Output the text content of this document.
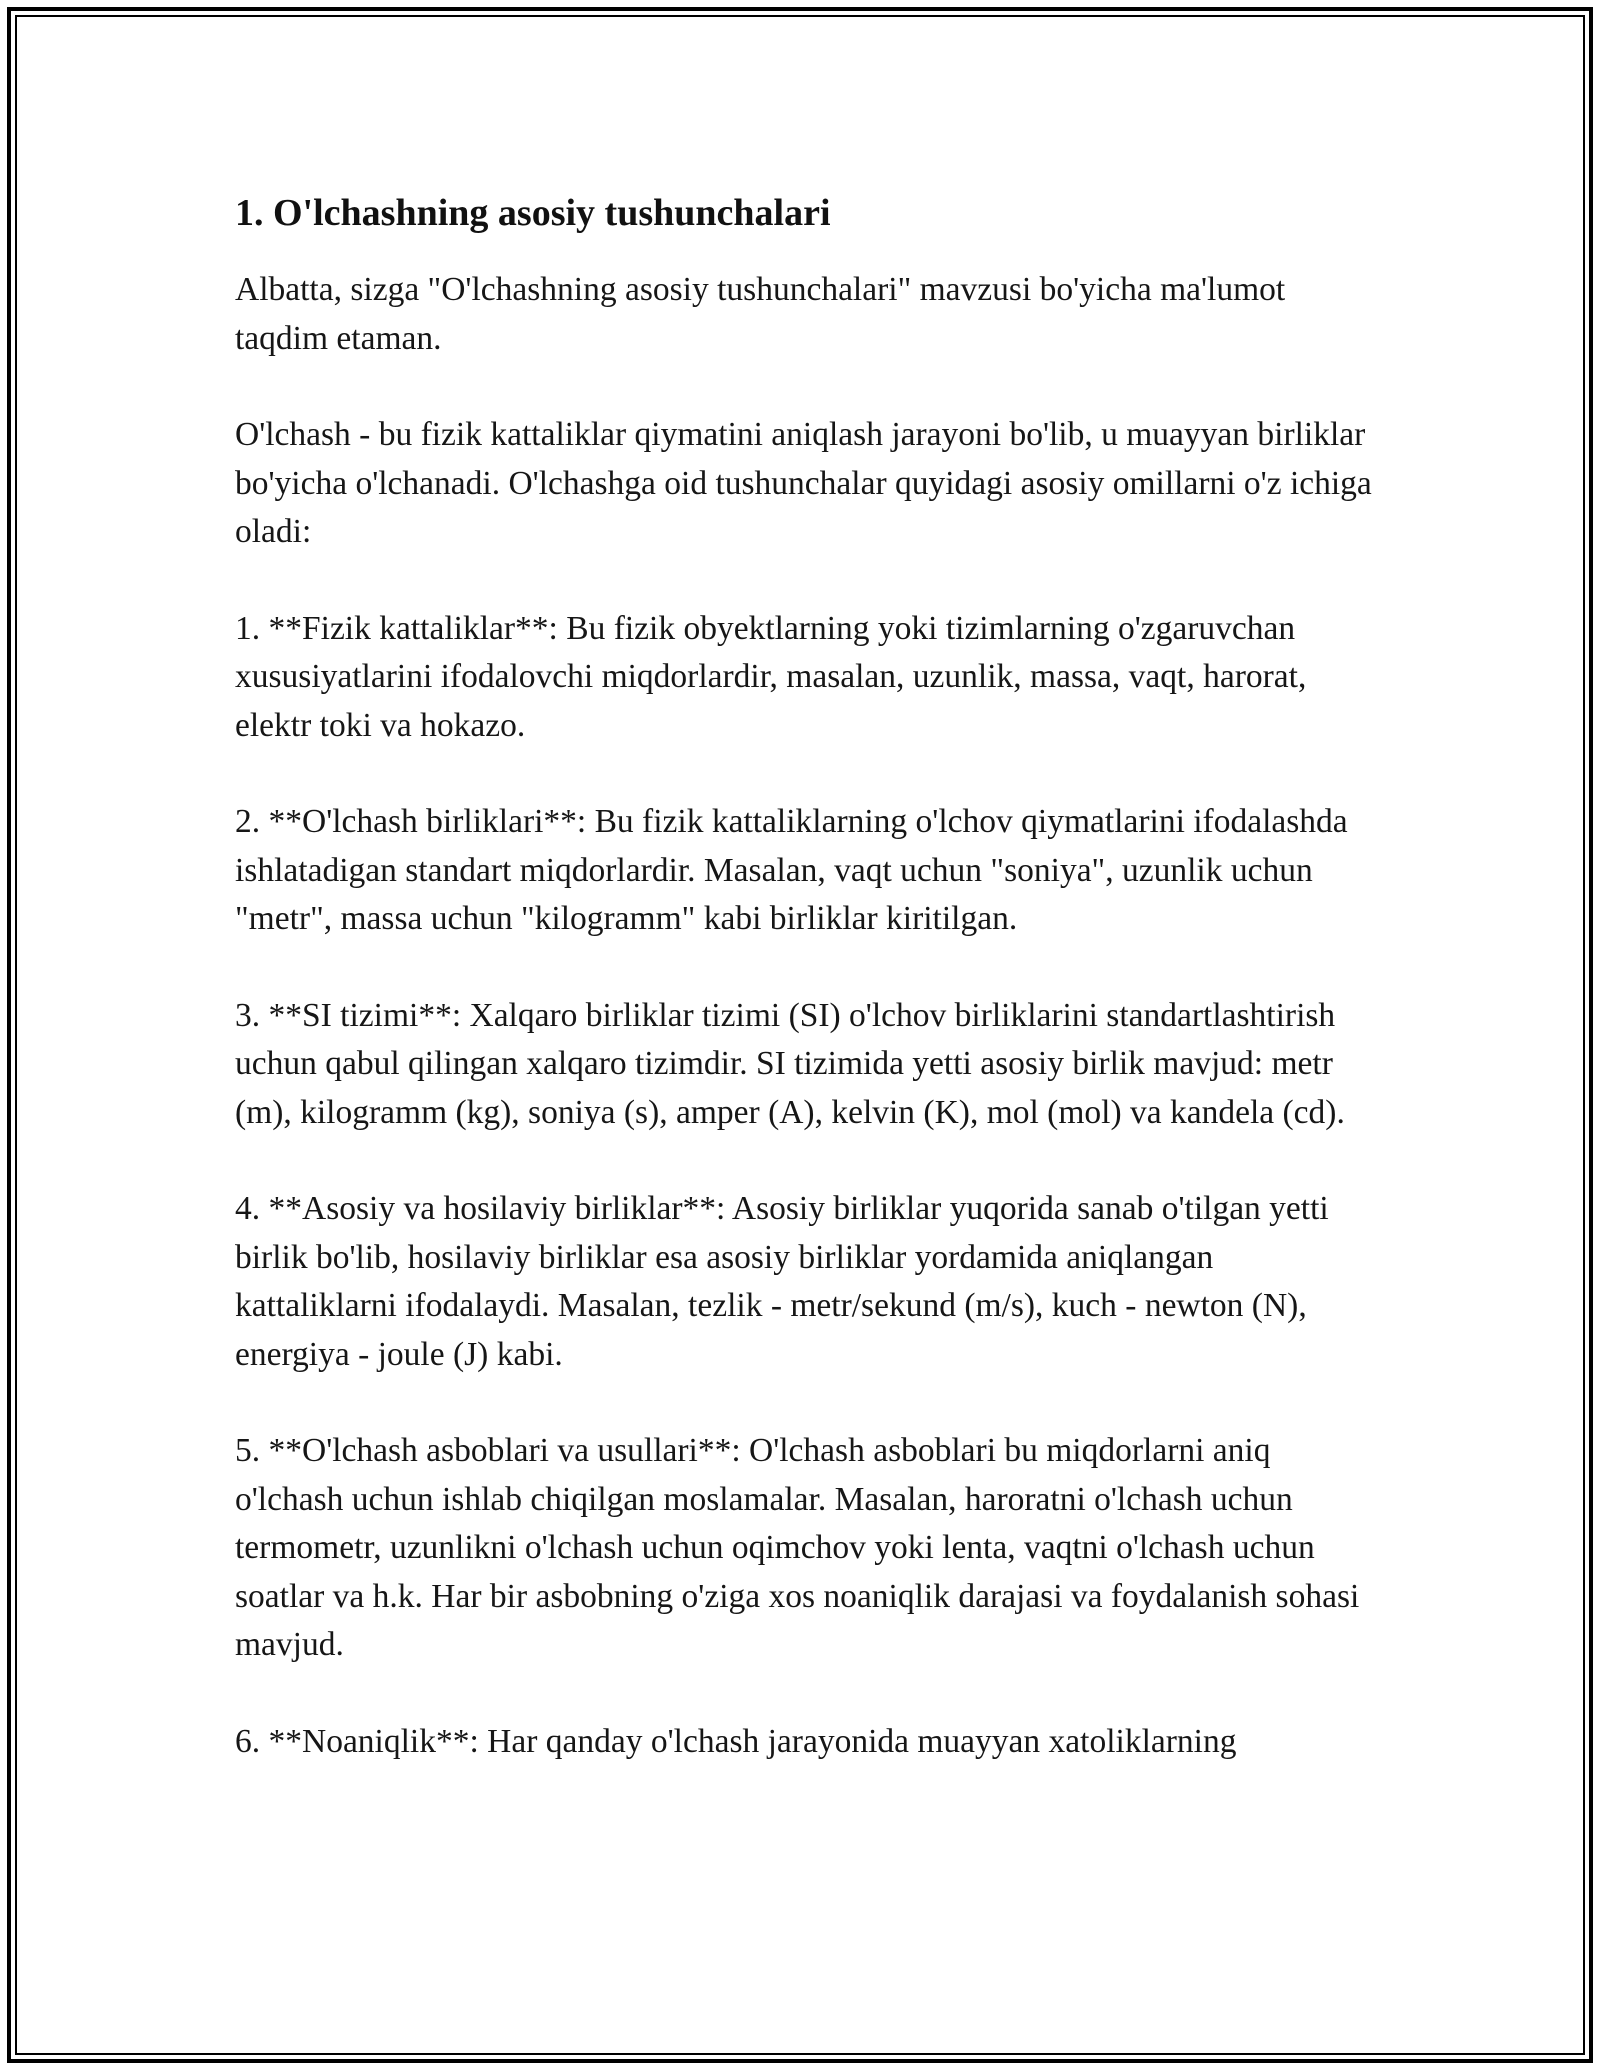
1. O'lchashning asosiy tushunchalari

Albatta, sizga "O'lchashning asosiy tushunchalari" mavzusi bo'yicha ma'lumot taqdim etaman.

O'lchash - bu fizik kattaliklar qiymatini aniqlash jarayoni bo'lib, u muayyan birliklar bo'yicha o'lchanadi. O'lchashga oid tushunchalar quyidagi asosiy omillarni o'z ichiga oladi:

1. **Fizik kattaliklar**: Bu fizik obyektlarning yoki tizimlarning o'zgaruvchan xususiyatlarini ifodalovchi miqdorlardir, masalan, uzunlik, massa, vaqt, harorat, elektr toki va hokazo.

2. **O'lchash birliklari**: Bu fizik kattaliklarning o'lchov qiymatlarini ifodalashda ishlatadigan standart miqdorlardir. Masalan, vaqt uchun "soniya", uzunlik uchun "metr", massa uchun "kilogramm" kabi birliklar kiritilgan.

3. **SI tizimi**: Xalqaro birliklar tizimi (SI) o'lchov birliklarini standartlashtirish uchun qabul qilingan xalqaro tizimdir. SI tizimida yetti asosiy birlik mavjud: metr (m), kilogramm (kg), soniya (s), amper (A), kelvin (K), mol (mol) va kandela (cd).

4. **Asosiy va hosilaviy birliklar**: Asosiy birliklar yuqorida sanab o'tilgan yetti birlik bo'lib, hosilaviy birliklar esa asosiy birliklar yordamida aniqlangan kattaliklarni ifodalaydi. Masalan, tezlik - metr/sekund (m/s), kuch - newton (N), energiya - joule (J) kabi.

5. **O'lchash asboblari va usullari**: O'lchash asboblari bu miqdorlarni aniq o'lchash uchun ishlab chiqilgan moslamalar. Masalan, haroratni o'lchash uchun termometr, uzunlikni o'lchash uchun oqimchov yoki lenta, vaqtni o'lchash uchun soatlar va h.k. Har bir asbobning o'ziga xos noaniqlik darajasi va foydalanish sohasi mavjud.

6. **Noaniqlik**: Har qanday o'lchash jarayonida muayyan xatoliklarning
